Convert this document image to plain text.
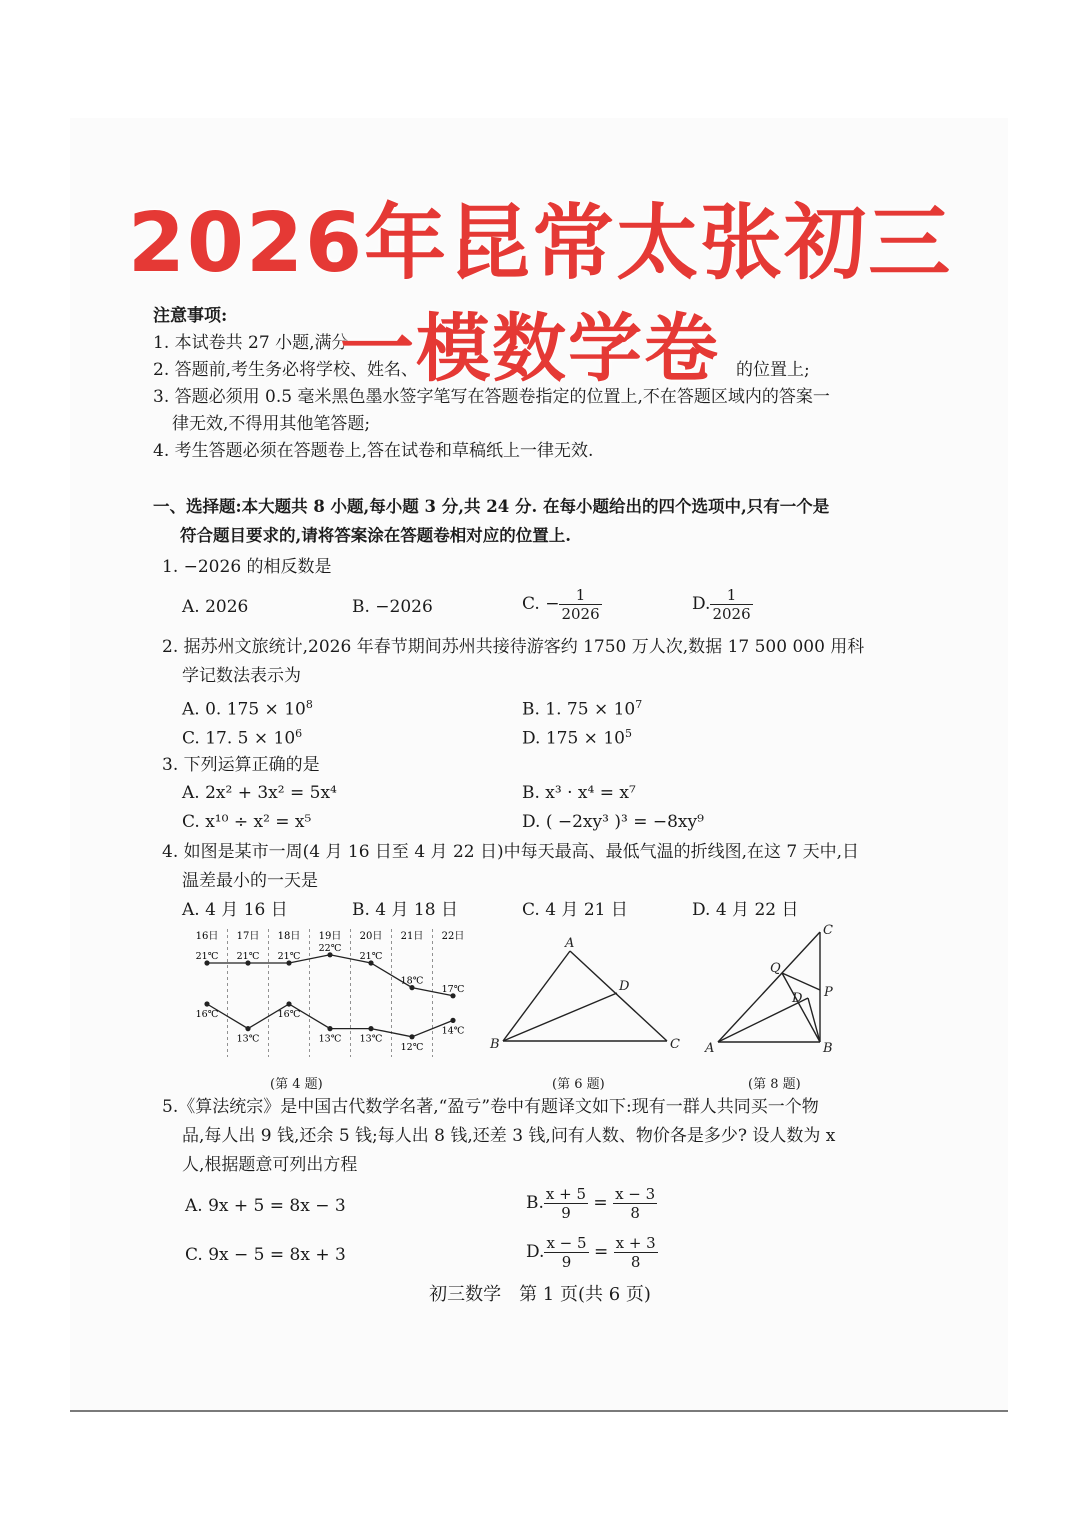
注意事项:
1. 本试卷共 27 小题,满分
2. 答题前,考生务必将学校、姓名、	的位置上;
3. 答题必须用 0.5 毫米黑色墨水签字笔写在答题卷指定的位置上,不在答题区域内的答案一
律无效,不得用其他笔答题;
4. 考生答题必须在答题卷上,答在试卷和草稿纸上一律无效.
2026年昆常太张初三
一模数学卷
一、选择题:本大题共 8 小题,每小题 3 分,共 24 分. 在每小题给出的四个选项中,只有一个是
符合题目要求的,请将答案涂在答题卷相对应的位置上.
1. −2026 的相反数是
A. 2026	B. −2026	C. − $\frac{1}{2026}$	D. $\frac{1}{2026}$
2. 据苏州文旅统计,2026 年春节期间苏州共接待游客约 1750 万人次,数据 17 500 000 用科
学记数法表示为
A. 0. $175 \times 10^8$	B. 1. $75 \times 10^7$
C. 17. $5 \times 10^6$	D. $175 \times 10^5$
3. 下列运算正确的是
A. 2x² + 3x² = 5x⁴	B. x³ · x⁴ = x⁷
C. x¹⁰ ÷ x² = x⁵	D. ( −2xy³ )³ = −8xy⁹
4. 如图是某市一周(4 月 16 日至 4 月 22 日)中每天最高、最低气温的折线图,在这 7 天中,日
温差最小的一天是
A. 4 月 16 日	B. 4 月 18 日	C. 4 月 21 日	D. 4 月 22 日
16日 17日 18日 19日 20日 21日 22日
21℃ 21℃ 21℃
22℃
21℃
18℃
17℃
16℃
13℃
16℃
13℃ 13℃
12℃
14℃
(第 4 题)
A
B	C
D
(第 6 题)
A	B
C
Q
D P
(第 8 题)
5.《算法统宗》是中国古代数学名著,“盈亏”卷中有题译文如下:现有一群人共同买一个物
品,每人出 9 钱,还余 5 钱;每人出 8 钱,还差 3 钱,问有人数、物价各是多少? 设人数为 x
人,根据题意可列出方程
A. 9x + 5 = 8x − 3
C. 9x − 5 = 8x + 3
B. $\frac{x + 5}{9} = \frac{x - 3}{8}$
D. $\frac{x - 5}{9} = \frac{x + 3}{8}$
初三数学　第 1 页(共 6 页)
